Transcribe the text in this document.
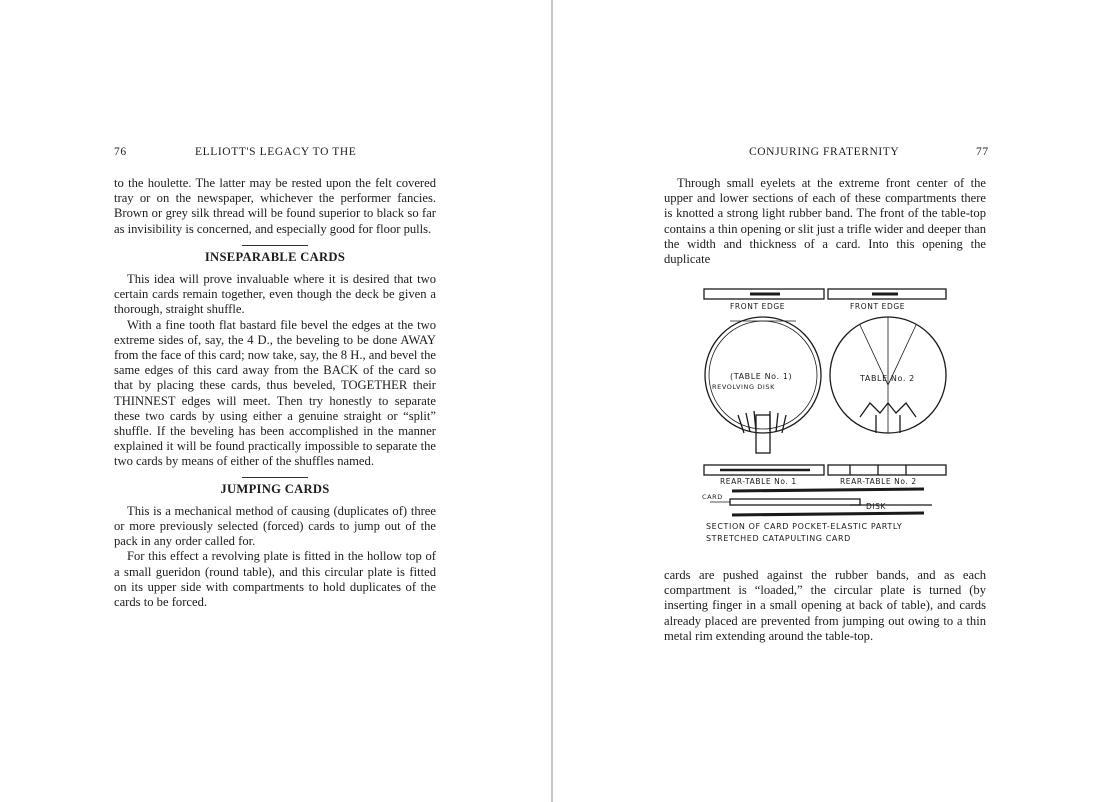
76	ELLIOTT'S LEGACY TO THE

to the houlette. The latter may be rested upon the felt covered tray or on the newspaper, whichever the performer fancies. Brown or grey silk thread will be found superior to black so far as invisibility is concerned, and especially good for floor pulls.

INSEPARABLE CARDS

This idea will prove invaluable where it is desired that two certain cards remain together, even though the deck be given a thorough, straight shuffle.

With a fine tooth flat bastard file bevel the edges at the two extreme sides of, say, the 4 D., the beveling to be done AWAY from the face of this card; now take, say, the 8 H., and bevel the same edges of this card away from the BACK of the card so that by placing these cards, thus beveled, TOGETHER their THINNEST edges will meet. Then try honestly to separate these two cards by using either a genuine straight or “split” shuffle. If the beveling has been accomplished in the manner explained it will be found practically impossible to separate the two cards by means of either of the shuffles named.

JUMPING CARDS

This is a mechanical method of causing (duplicates of) three or more previously selected (forced) cards to jump out of the pack in any order called for.

For this effect a revolving plate is fitted in the hollow top of a small gueridon (round table), and this circular plate is fitted on its upper side with compartments to hold duplicates of the cards to be forced.

CONJURING FRATERNITY	77

Through small eyelets at the extreme front center of the upper and lower sections of each of these compartments there is knotted a strong light rubber band. The front of the table-top contains a thin opening or slit just a trifle wider and deeper than the width and thickness of a card. Into this opening the duplicate

cards are pushed against the rubber bands, and as each compartment is “loaded,” the circular plate is turned (by inserting finger in a small opening at back of table), and cards already placed are prevented from jumping out owing to a thin metal rim extending around the table-top.

FRONT EDGE	FRONT EDGE
(TABLE No. 1)
REVOLVING DISK
TABLE No. 2
REAR-TABLE No. 1	REAR-TABLE No. 2
CARD
DISK
SECTION OF CARD POCKET-ELASTIC PARTLY
STRETCHED CATAPULTING CARD
